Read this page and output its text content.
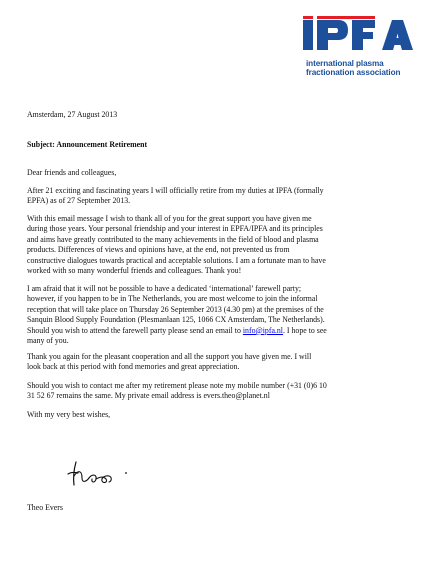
international plasma
fractionation association
Amsterdam, 27 August 2013
Subject: Announcement Retirement
Dear friends and colleagues,
After 21 exciting and fascinating years I will officially retire from my duties at IPFA (formally
EPFA) as of 27 September 2013.
With this email message I wish to thank all of you for the great support you have given me
during those years. Your personal friendship and your interest in EPFA/IPFA and its principles
and aims have greatly contributed to the many achievements in the field of blood and plasma
products. Differences of views and opinions have, at the end, not prevented us from
constructive dialogues towards practical and acceptable solutions. I am a fortunate man to have
worked with so many wonderful friends and colleagues. Thank you!
I am afraid that it will not be possible to have a dedicated ‘international’ farewell party;
however, if you happen to be in The Netherlands, you are most welcome to join the informal
reception that will take place on Thursday 26 September 2013 (4.30 pm) at the premises of the
Sanquin Blood Supply Foundation (Plesmanlaan 125, 1066 CX Amsterdam, The Netherlands).
Should you wish to attend the farewell party please send an email to info@ipfa.nl. I hope to see
many of you.
Thank you again for the pleasant cooperation and all the support you have given me. I will
look back at this period with fond memories and great appreciation.
Should you wish to contact me after my retirement please note my mobile number (+31 (0)6 10
31 52 67 remains the same. My private email address is evers.theo@planet.nl
With my very best wishes,
Theo Evers
